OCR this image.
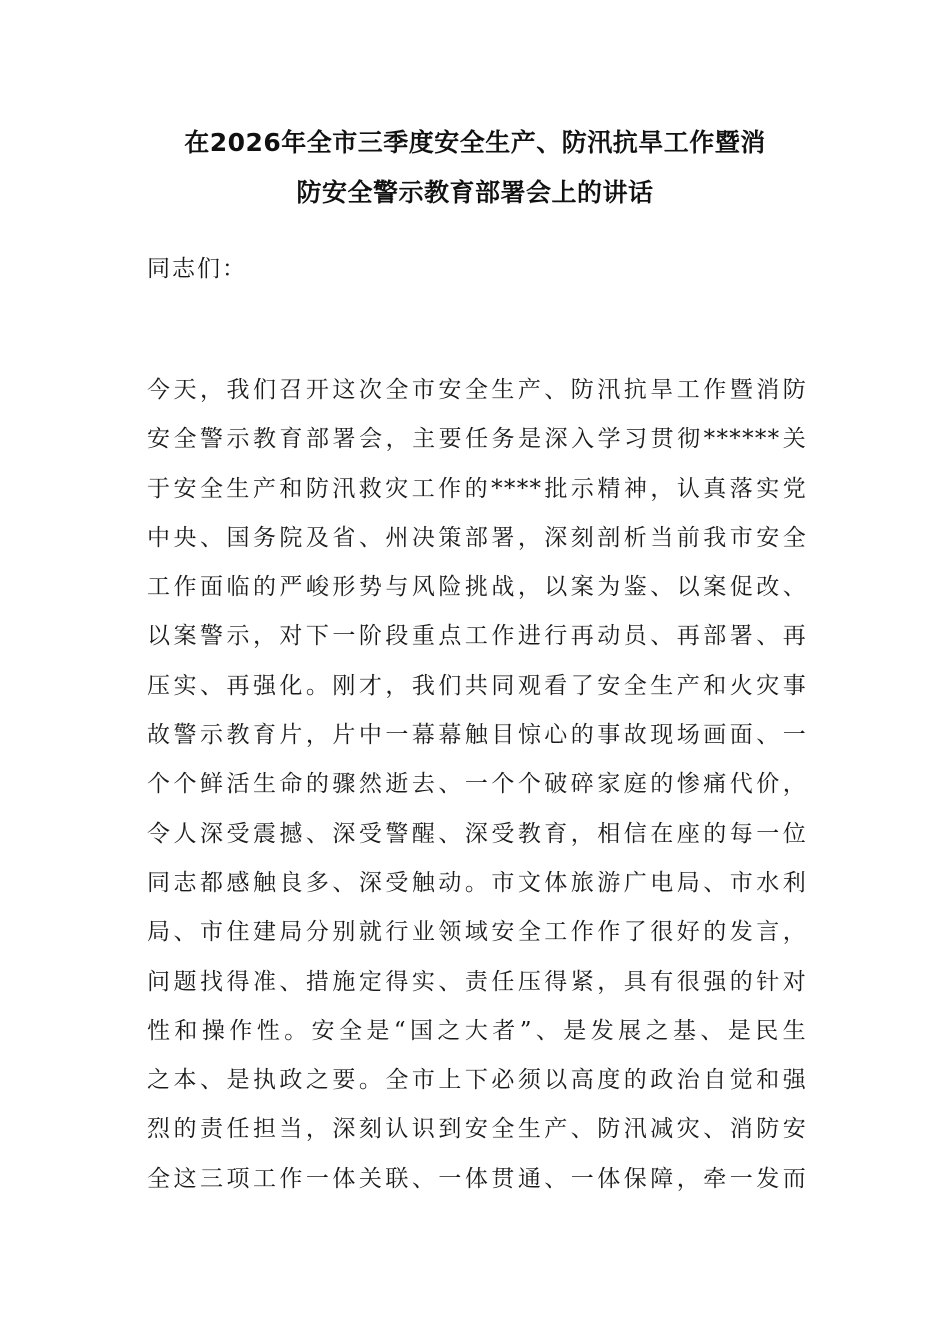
在2026年全市三季度安全生产、防汛抗旱工作暨消
防安全警示教育部署会上的讲话
同志们：
今天，我们召开这次全市安全生产、防汛抗旱工作暨消防
安全警示教育部署会，主要任务是深入学习贯彻******关
于安全生产和防汛救灾工作的****批示精神，认真落实党
中央、国务院及省、州决策部署，深刻剖析当前我市安全
工作面临的严峻形势与风险挑战，以案为鉴、以案促改、
以案警示，对下一阶段重点工作进行再动员、再部署、再
压实、再强化。刚才，我们共同观看了安全生产和火灾事
故警示教育片，片中一幕幕触目惊心的事故现场画面、一
个个鲜活生命的骤然逝去、一个个破碎家庭的惨痛代价，
令人深受震撼、深受警醒、深受教育，相信在座的每一位
同志都感触良多、深受触动。市文体旅游广电局、市水利
局、市住建局分别就行业领域安全工作作了很好的发言，
问题找得准、措施定得实、责任压得紧，具有很强的针对
性和操作性。安全是“国之大者”、是发展之基、是民生
之本、是执政之要。全市上下必须以高度的政治自觉和强
烈的责任担当，深刻认识到安全生产、防汛减灾、消防安
全这三项工作一体关联、一体贯通、一体保障，牵一发而
